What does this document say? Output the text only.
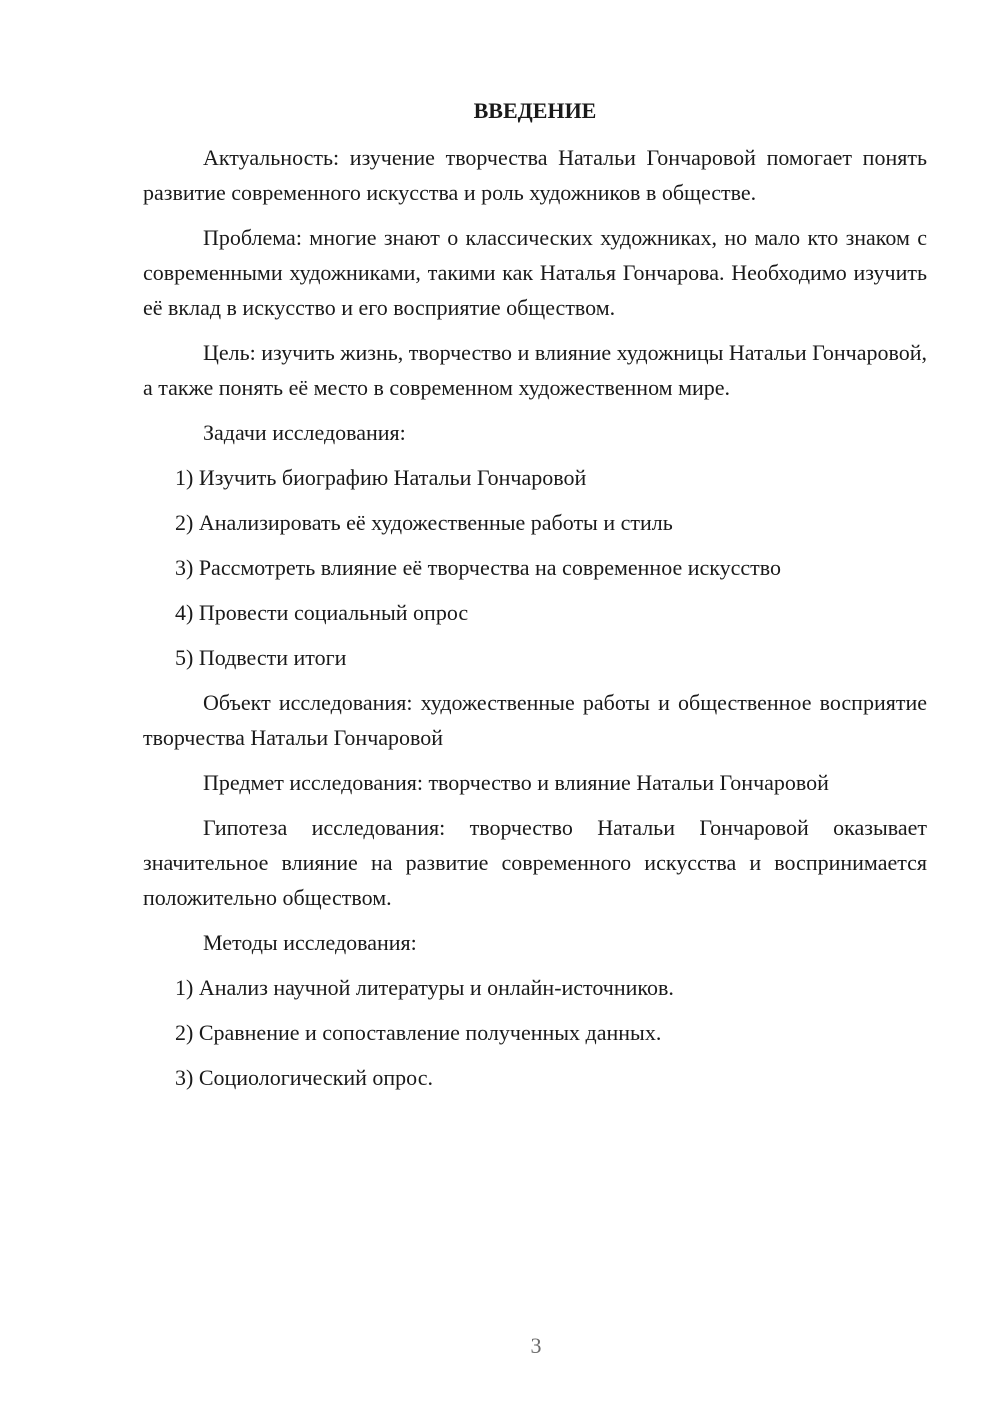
ВВЕДЕНИЕ

Актуальность: изучение творчества Натальи Гончаровой помогает понять развитие современного искусства и роль художников в обществе.

Проблема: многие знают о классических художниках, но мало кто знаком с современными художниками, такими как Наталья Гончарова. Необходимо изучить её вклад в искусство и его восприятие обществом.

Цель: изучить жизнь, творчество и влияние художницы Натальи Гончаровой, а также понять её место в современном художественном мире.

Задачи исследования:

1) Изучить биографию Натальи Гончаровой
2) Анализировать её художественные работы и стиль
3) Рассмотреть влияние её творчества на современное искусство
4) Провести социальный опрос
5) Подвести итоги

Объект исследования: художественные работы и общественное восприятие творчества Натальи Гончаровой

Предмет исследования: творчество и влияние Натальи Гончаровой

Гипотеза исследования: творчество Натальи Гончаровой оказывает значительное влияние на развитие современного искусства и воспринимается положительно обществом.

Методы исследования:

1) Анализ научной литературы и онлайн-источников.
2) Сравнение и сопоставление полученных данных.
3) Социологический опрос.
3
